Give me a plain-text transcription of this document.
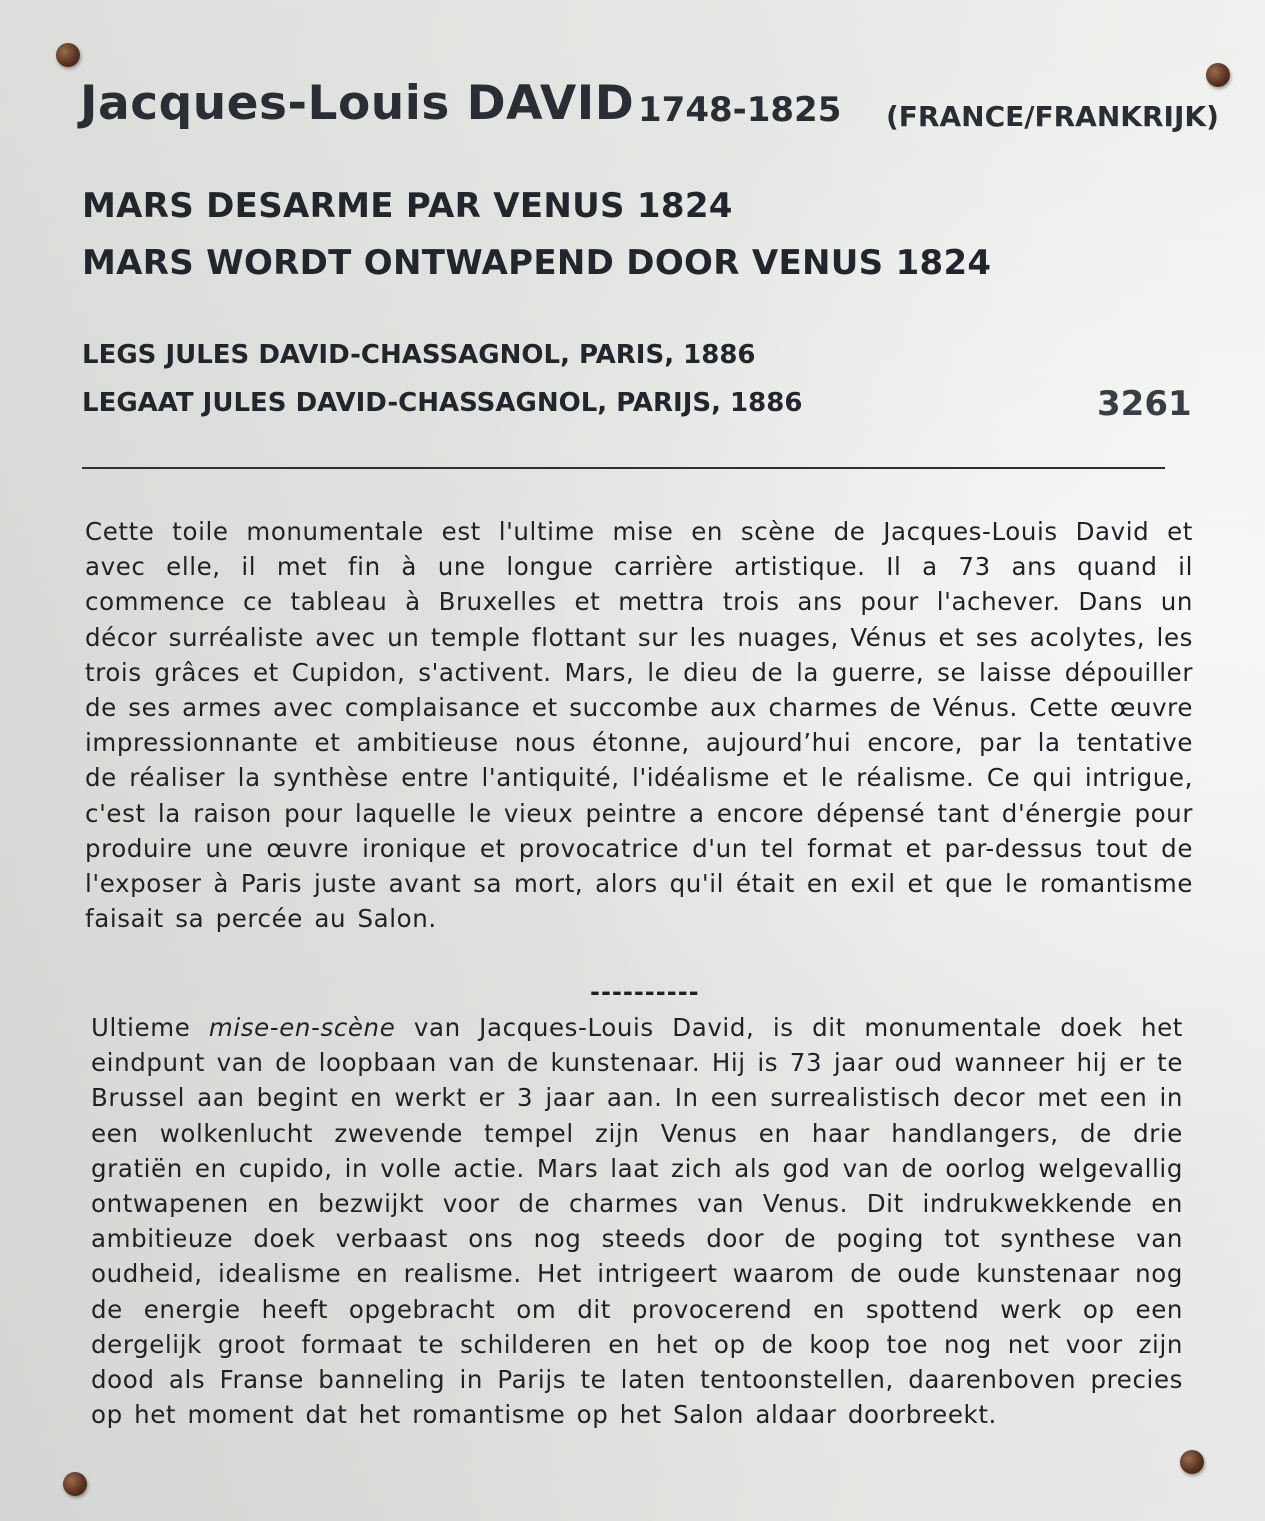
Jacques-Louis DAVID 1748-1825 (FRANCE/FRANKRIJK)
MARS DESARME PAR VENUS 1824
MARS WORDT ONTWAPEND DOOR VENUS 1824
LEGS JULES DAVID-CHASSAGNOL, PARIS, 1886
LEGAAT JULES DAVID-CHASSAGNOL, PARIJS, 1886	3261

Cette toile monumentale est l'ultime mise en scène de Jacques-Louis David et avec elle, il met fin à une longue carrière artistique. Il a 73 ans quand il commence ce tableau à Bruxelles et mettra trois ans pour l'achever. Dans un décor surréaliste avec un temple flottant sur les nuages, Vénus et ses acolytes, les trois grâces et Cupidon, s'activent. Mars, le dieu de la guerre, se laisse dépouiller de ses armes avec complaisance et succombe aux charmes de Vénus. Cette œuvre impressionnante et ambitieuse nous étonne, aujourd’hui encore, par la tentative de réaliser la synthèse entre l'antiquité, l'idéalisme et le réalisme. Ce qui intrigue, c'est la raison pour laquelle le vieux peintre a encore dépensé tant d'énergie pour produire une œuvre ironique et provocatrice d'un tel format et par-dessus tout de l'exposer à Paris juste avant sa mort, alors qu'il était en exil et que le romantisme faisait sa percée au Salon.

----------

Ultieme mise-en-scène van Jacques-Louis David, is dit monumentale doek het eindpunt van de loopbaan van de kunstenaar. Hij is 73 jaar oud wanneer hij er te Brussel aan begint en werkt er 3 jaar aan. In een surrealistisch decor met een in een wolkenlucht zwevende tempel zijn Venus en haar handlangers, de drie gratiën en cupido, in volle actie. Mars laat zich als god van de oorlog welgevallig ontwapenen en bezwijkt voor de charmes van Venus. Dit indrukwekkende en ambitieuze doek verbaast ons nog steeds door de poging tot synthese van oudheid, idealisme en realisme. Het intrigeert waarom de oude kunstenaar nog de energie heeft opgebracht om dit provocerend en spottend werk op een dergelijk groot formaat te schilderen en het op de koop toe nog net voor zijn dood als Franse banneling in Parijs te laten tentoonstellen, daarenboven precies op het moment dat het romantisme op het Salon aldaar doorbreekt.
